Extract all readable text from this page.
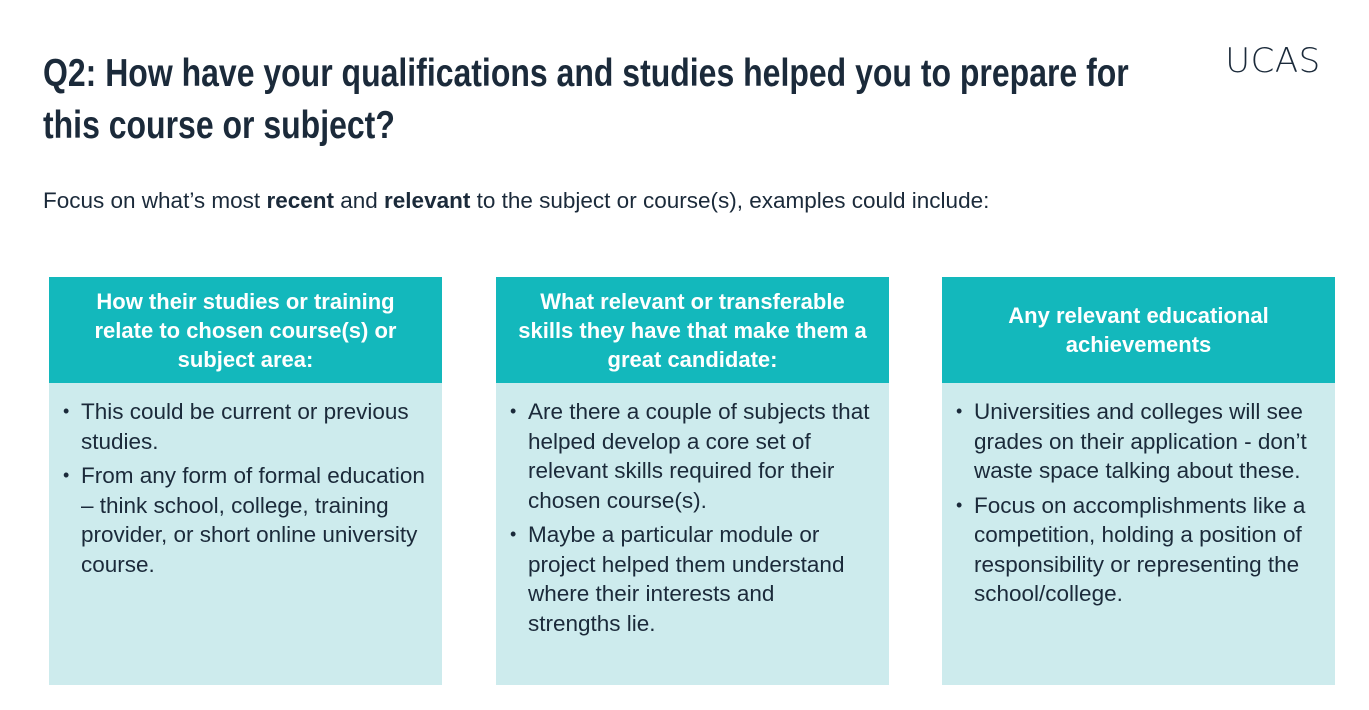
UCAS
Q2: How have your qualifications and studies helped you to prepare for this course or subject?

Focus on what’s most recent and relevant to the subject or course(s), examples could include:

How their studies or training relate to chosen course(s) or subject area:
• This could be current or previous studies.
• From any form of formal education – think school, college, training provider, or short online university course.
What relevant or transferable skills they have that make them a great candidate:
• Are there a couple of subjects that helped develop a core set of relevant skills required for their chosen course(s).
• Maybe a particular module or project helped them understand where their interests and strengths lie.
Any relevant educational achievements
• Universities and colleges will see grades on their application - don’t waste space talking about these.
• Focus on accomplishments like a competition, holding a position of responsibility or representing the school/college.
